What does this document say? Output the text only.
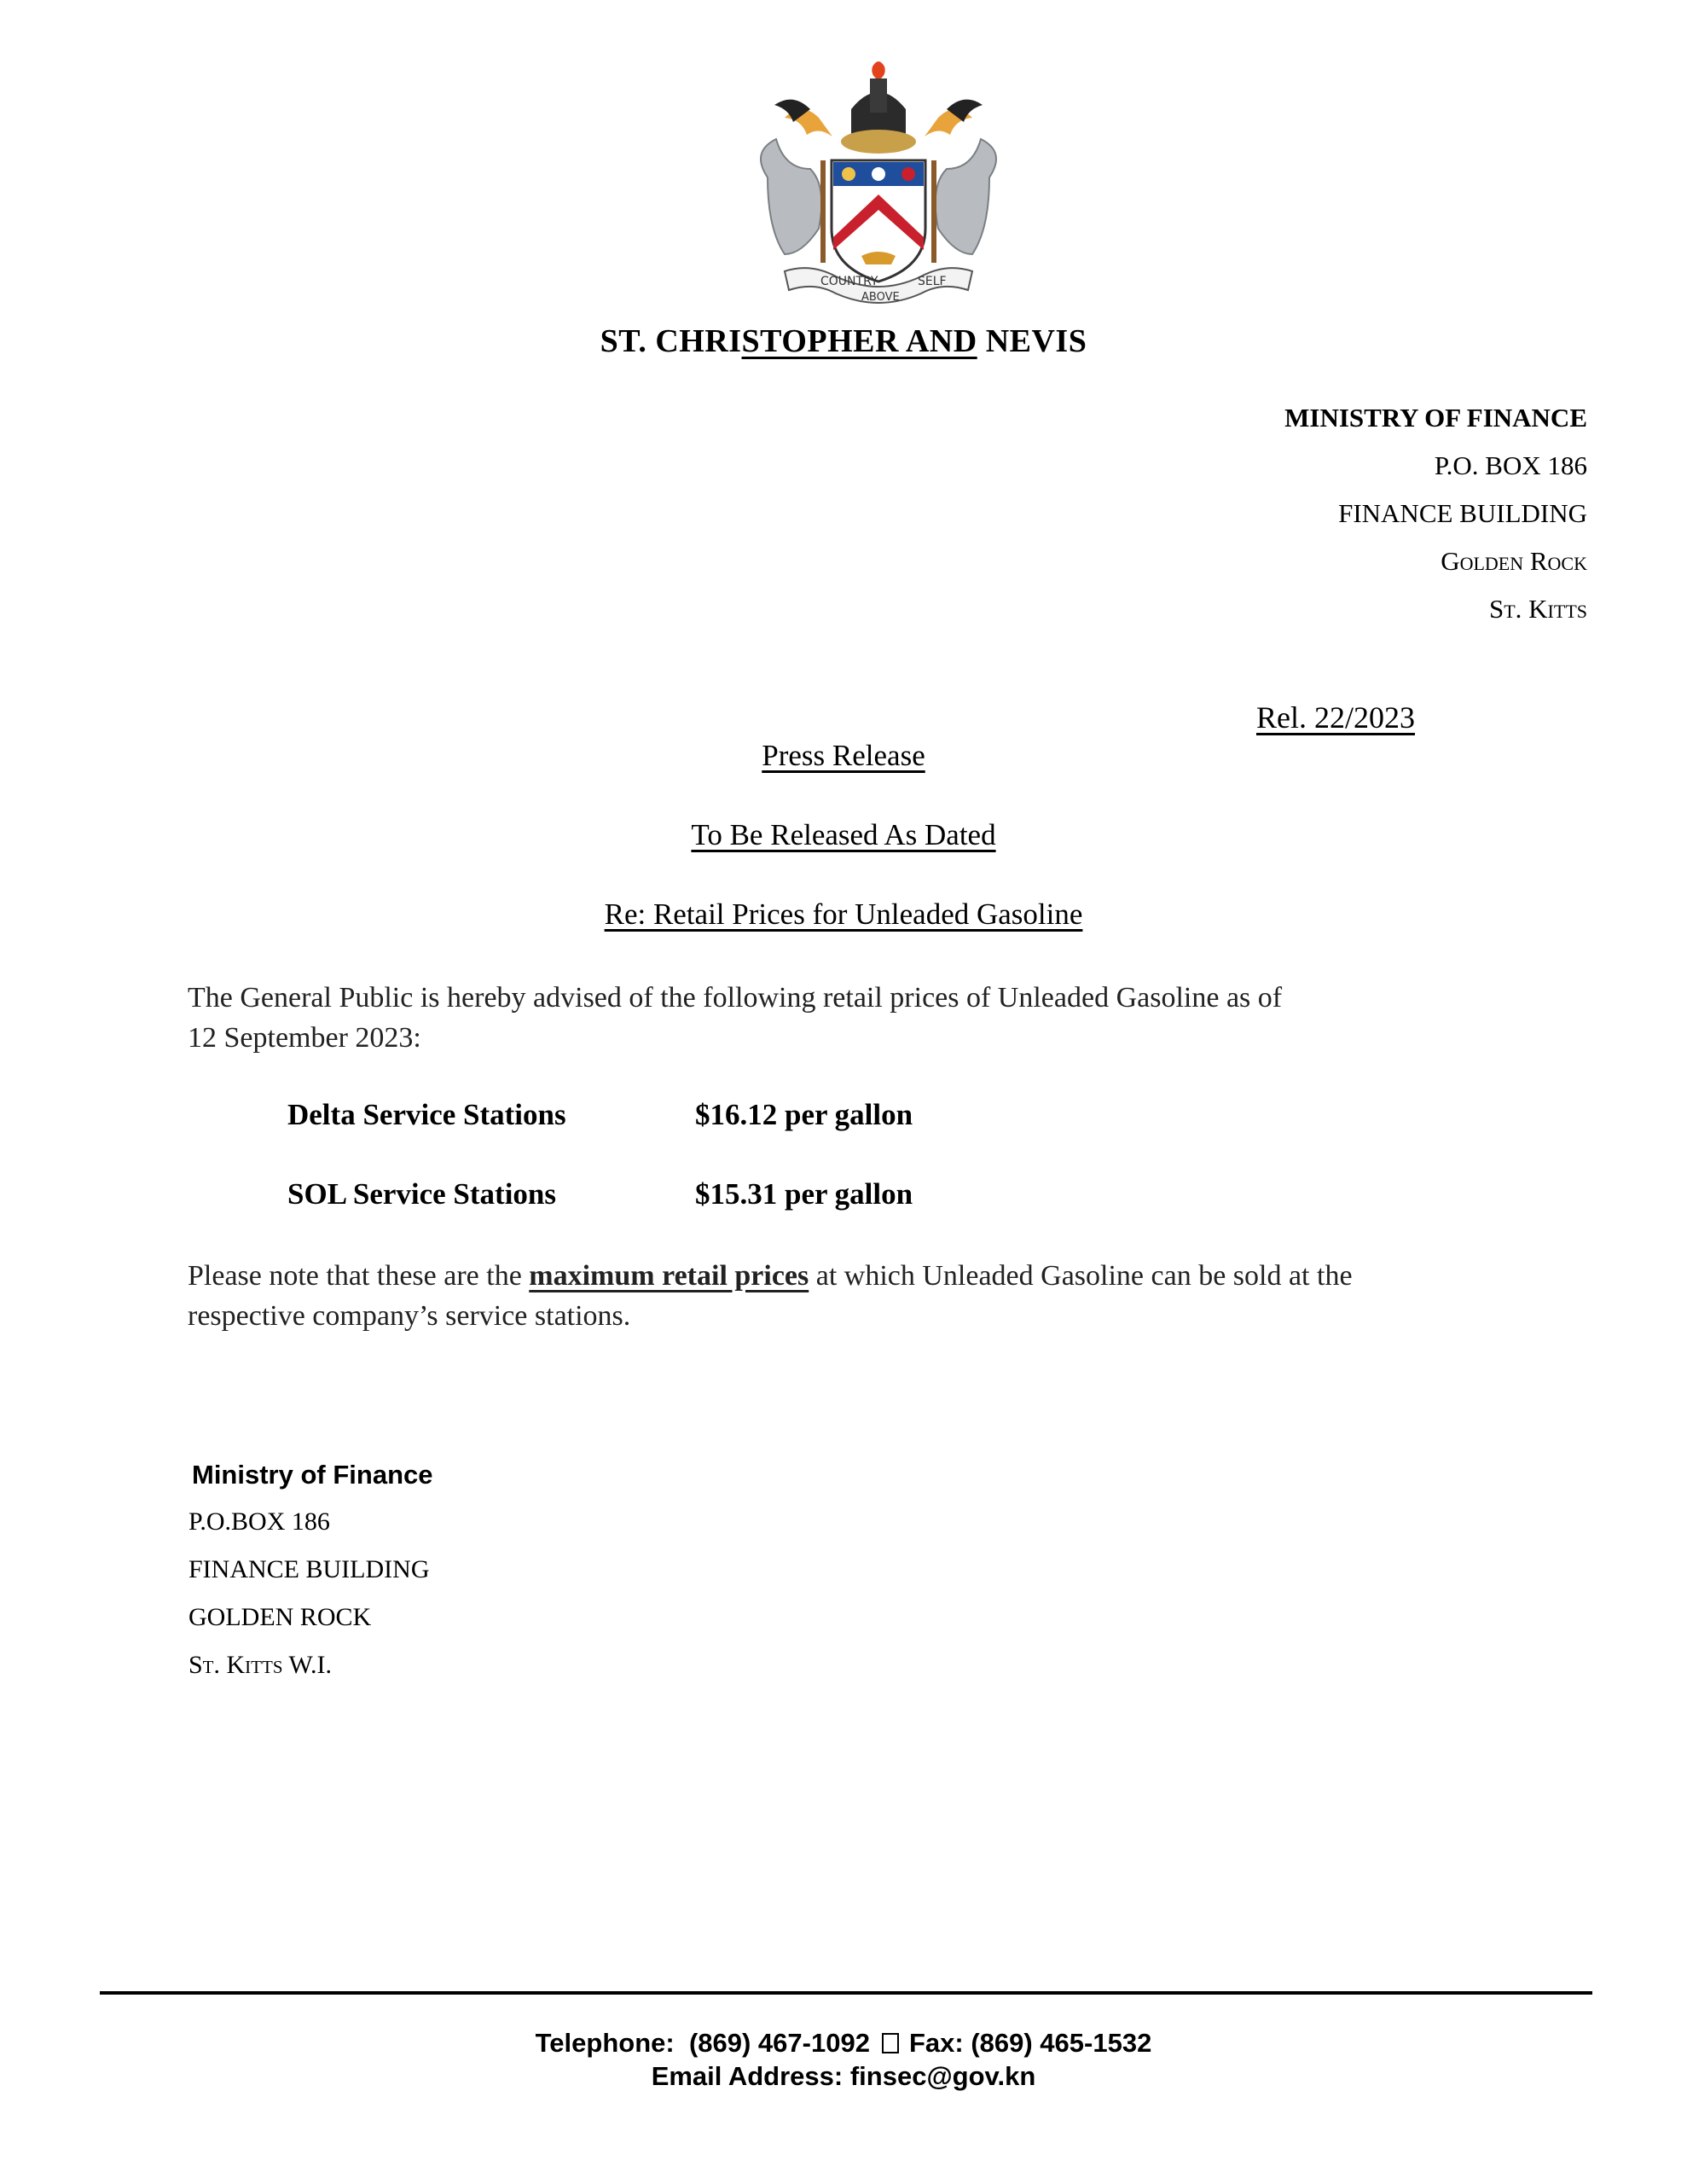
COUNTRY
ABOVE
SELF
ST. CHRISTOPHER AND NEVIS
MINISTRY OF FINANCE
P.O. BOX 186
FINANCE BUILDING
Golden Rock
St. Kitts
Rel. 22/2023
Press Release
To Be Released As Dated
Re: Retail Prices for Unleaded Gasoline
The General Public is hereby advised of the following retail prices of Unleaded Gasoline as of
12 September 2023:
Delta Service Stations	$16.12 per gallon
SOL Service Stations	$15.31 per gallon
Please note that these are the maximum retail prices at which Unleaded Gasoline can be sold at the
respective company’s service stations.
Ministry of Finance
P.O.BOX 186
FINANCE BUILDING
GOLDEN ROCK
St. Kitts W.I.
Telephone: (869) 467-1092 Fax: (869) 465-1532
Email Address: finsec@gov.kn
